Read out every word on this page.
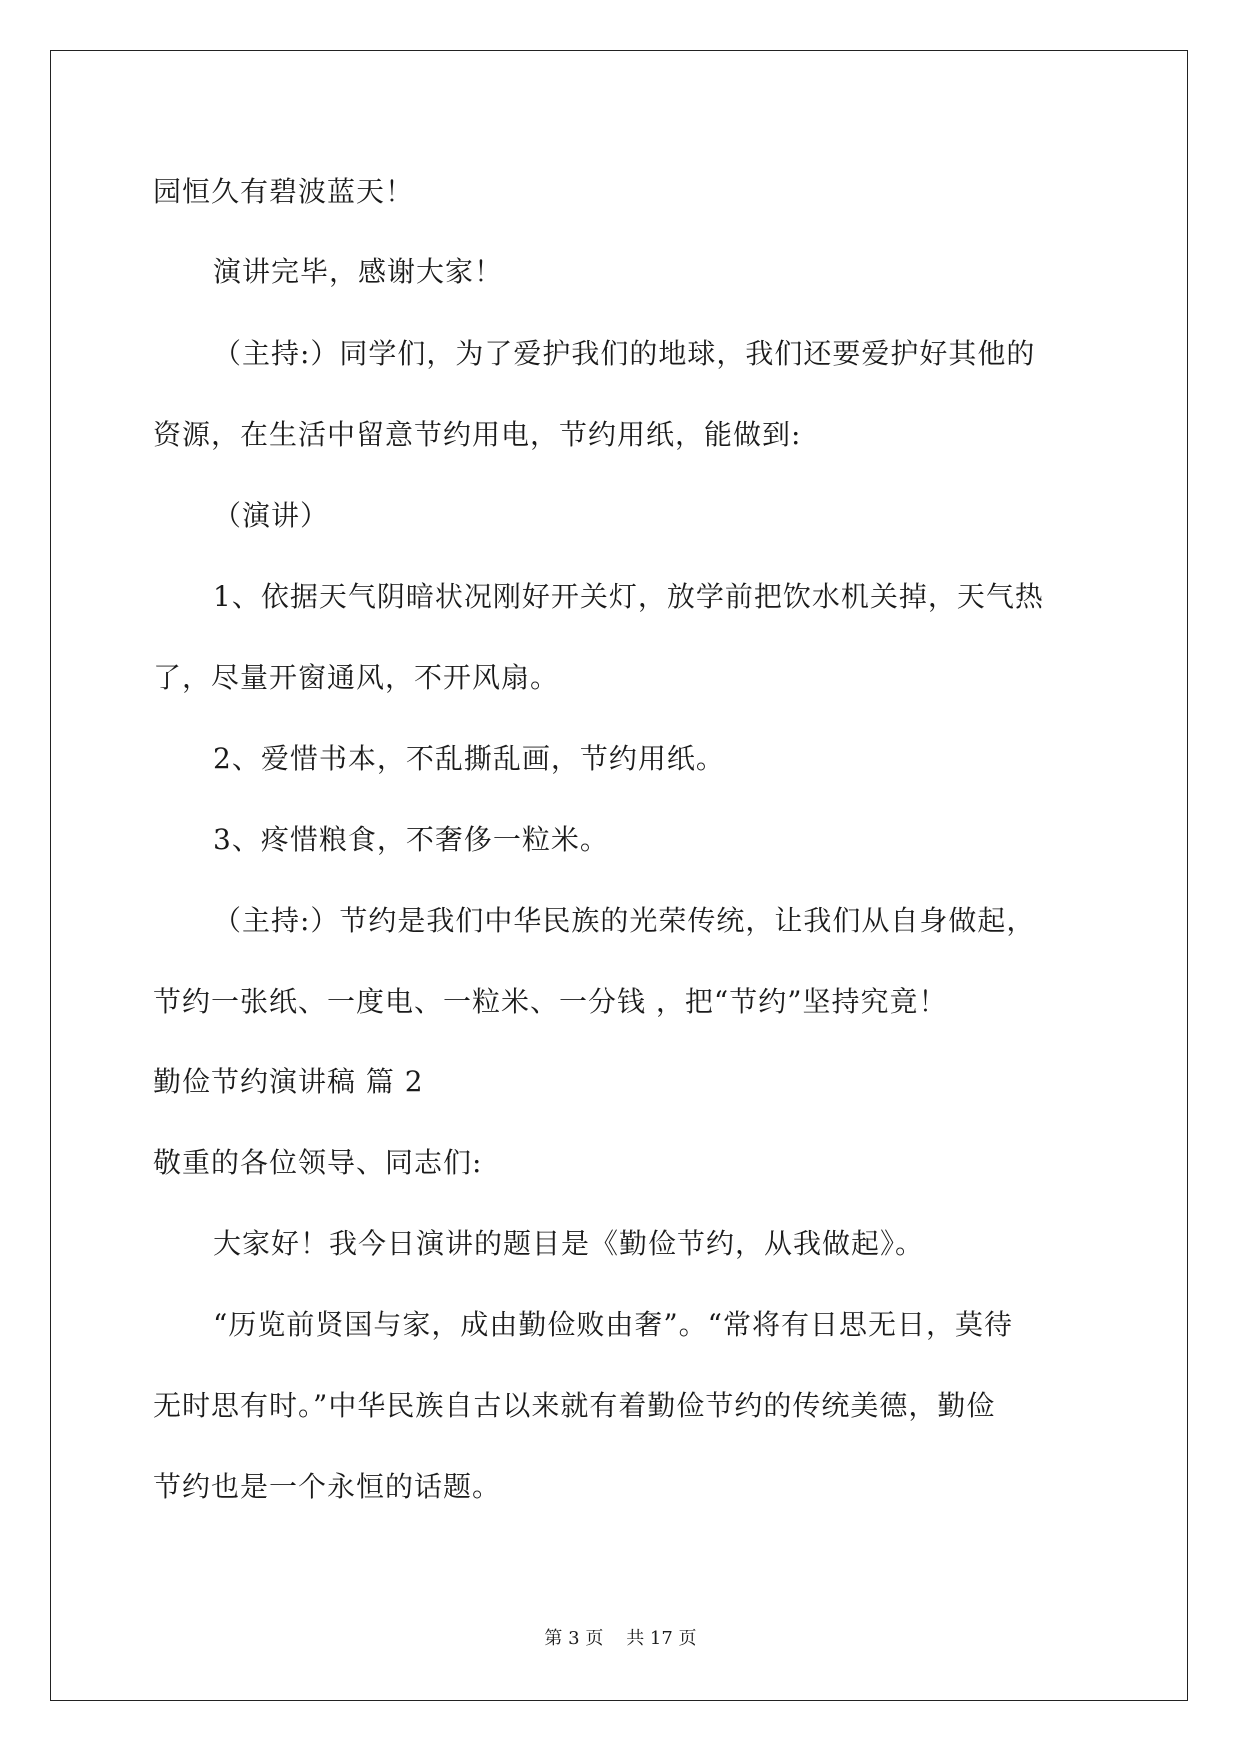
园恒久有碧波蓝天！
演讲完毕，感谢大家！
（主持:）同学们，为了爱护我们的地球，我们还要爱护好其他的
资源，在生活中留意节约用电，节约用纸，能做到:
（演讲）
1、依据天气阴暗状况刚好开关灯，放学前把饮水机关掉，天气热
了，尽量开窗通风，不开风扇。
2、爱惜书本，不乱撕乱画，节约用纸。
3、疼惜粮食，不奢侈一粒米。
（主持:）节约是我们中华民族的光荣传统，让我们从自身做起，
节约一张纸、一度电、一粒米、一分钱 ，把“节约”坚持究竟！
勤俭节约演讲稿 篇 2
敬重的各位领导、同志们:
大家好！我今日演讲的题目是《勤俭节约，从我做起》。
“历览前贤国与家，成由勤俭败由奢”。“常将有日思无日，莫待
无时思有时。”中华民族自古以来就有着勤俭节约的传统美德，勤俭
节约也是一个永恒的话题。
第 3 页    共 17 页
